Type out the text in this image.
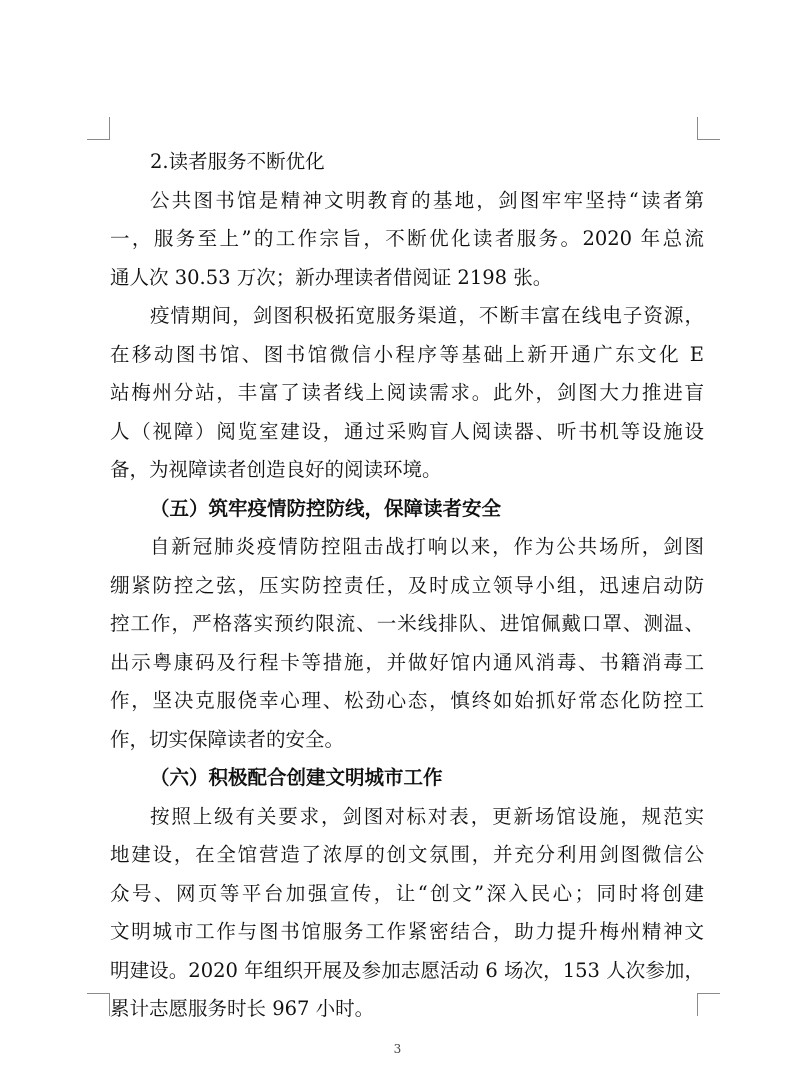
2.读者服务不断优化
公共图书馆是精神文明教育的基地，剑图牢牢坚持“读者第
一，服务至上”的工作宗旨，不断优化读者服务。2020 年总流
通人次 30.53 万次；新办理读者借阅证 2198 张。
疫情期间，剑图积极拓宽服务渠道，不断丰富在线电子资源，
在移动图书馆、图书馆微信小程序等基础上新开通广东文化 E
站梅州分站，丰富了读者线上阅读需求。此外，剑图大力推进盲
人（视障）阅览室建设，通过采购盲人阅读器、听书机等设施设
备，为视障读者创造良好的阅读环境。
（五）筑牢疫情防控防线，保障读者安全
自新冠肺炎疫情防控阻击战打响以来，作为公共场所，剑图
绷紧防控之弦，压实防控责任，及时成立领导小组，迅速启动防
控工作，严格落实预约限流、一米线排队、进馆佩戴口罩、测温、
出示粤康码及行程卡等措施，并做好馆内通风消毒、书籍消毒工
作，坚决克服侥幸心理、松劲心态，慎终如始抓好常态化防控工
作，切实保障读者的安全。
（六）积极配合创建文明城市工作
按照上级有关要求，剑图对标对表，更新场馆设施，规范实
地建设，在全馆营造了浓厚的创文氛围，并充分利用剑图微信公
众号、网页等平台加强宣传，让“创文”深入民心；同时将创建
文明城市工作与图书馆服务工作紧密结合，助力提升梅州精神文
明建设。2020 年组织开展及参加志愿活动 6 场次，153 人次参加，
累计志愿服务时长 967 小时。
3
